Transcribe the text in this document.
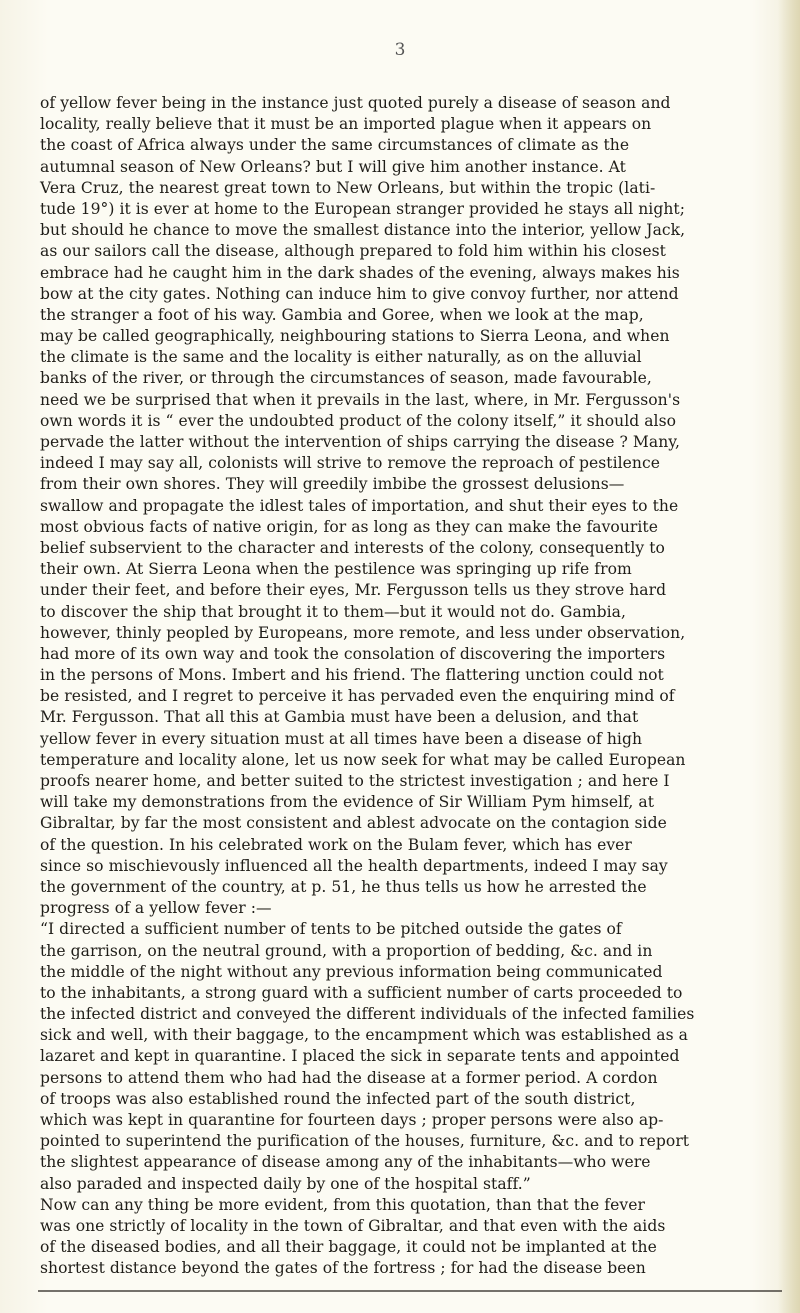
3
of yellow fever being in the instance just quoted purely a disease of season and
locality, really believe that it must be an imported plague when it appears on
the coast of Africa always under the same circumstances of climate as the
autumnal season of New Orleans? but I will give him another instance. At
Vera Cruz, the nearest great town to New Orleans, but within the tropic (lati-
tude 19°) it is ever at home to the European stranger provided he stays all night;
but should he chance to move the smallest distance into the interior, yellow Jack,
as our sailors call the disease, although prepared to fold him within his closest
embrace had he caught him in the dark shades of the evening, always makes his
bow at the city gates. Nothing can induce him to give convoy further, nor attend
the stranger a foot of his way. Gambia and Goree, when we look at the map,
may be called geographically, neighbouring stations to Sierra Leona, and when
the climate is the same and the locality is either naturally, as on the alluvial
banks of the river, or through the circumstances of season, made favourable,
need we be surprised that when it prevails in the last, where, in Mr. Fergusson's
own words it is “ ever the undoubted product of the colony itself,” it should also
pervade the latter without the intervention of ships carrying the disease ? Many,
indeed I may say all, colonists will strive to remove the reproach of pestilence
from their own shores. They will greedily imbibe the grossest delusions—
swallow and propagate the idlest tales of importation, and shut their eyes to the
most obvious facts of native origin, for as long as they can make the favourite
belief subservient to the character and interests of the colony, consequently to
their own. At Sierra Leona when the pestilence was springing up rife from
under their feet, and before their eyes, Mr. Fergusson tells us they strove hard
to discover the ship that brought it to them—but it would not do. Gambia,
however, thinly peopled by Europeans, more remote, and less under observation,
had more of its own way and took the consolation of discovering the importers
in the persons of Mons. Imbert and his friend. The flattering unction could not
be resisted, and I regret to perceive it has pervaded even the enquiring mind of
Mr. Fergusson. That all this at Gambia must have been a delusion, and that
yellow fever in every situation must at all times have been a disease of high
temperature and locality alone, let us now seek for what may be called European
proofs nearer home, and better suited to the strictest investigation ; and here I
will take my demonstrations from the evidence of Sir William Pym himself, at
Gibraltar, by far the most consistent and ablest advocate on the contagion side
of the question. In his celebrated work on the Bulam fever, which has ever
since so mischievously influenced all the health departments, indeed I may say
the government of the country, at p. 51, he thus tells us how he arrested the
progress of a yellow fever :—
“I directed a sufficient number of tents to be pitched outside the gates of
the garrison, on the neutral ground, with a proportion of bedding, &c. and in
the middle of the night without any previous information being communicated
to the inhabitants, a strong guard with a sufficient number of carts proceeded to
the infected district and conveyed the different individuals of the infected families
sick and well, with their baggage, to the encampment which was established as a
lazaret and kept in quarantine. I placed the sick in separate tents and appointed
persons to attend them who had had the disease at a former period. A cordon
of troops was also established round the infected part of the south district,
which was kept in quarantine for fourteen days ; proper persons were also ap-
pointed to superintend the purification of the houses, furniture, &c. and to report
the slightest appearance of disease among any of the inhabitants—who were
also paraded and inspected daily by one of the hospital staff.”
Now can any thing be more evident, from this quotation, than that the fever
was one strictly of locality in the town of Gibraltar, and that even with the aids
of the diseased bodies, and all their baggage, it could not be implanted at the
shortest distance beyond the gates of the fortress ; for had the disease been
